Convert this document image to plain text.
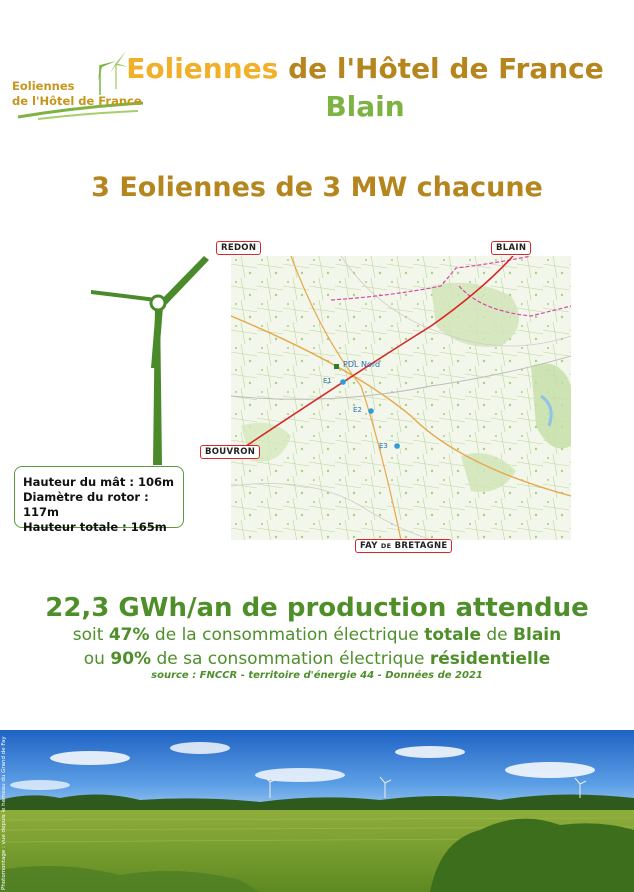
Eoliennes
de l'Hôtel de France
Eoliennes de l'Hôtel de France
Blain
3 Eoliennes de 3 MW chacune
Hauteur du mât : 106m
Diamètre du rotor : 117m
Hauteur totale : 165m
PDL Nord
E1
E2
E3
REDON	BLAIN
BOUVRON
FAY DE BRETAGNE
22,3 GWh/an de production attendue
soit 47% de la consommation électrique totale de Blain
ou 90% de sa consommation électrique résidentielle
source : FNCCR - territoire d'énergie 44 - Données de 2021
Photomontage : vue depuis le hameau du Grand de Fay
